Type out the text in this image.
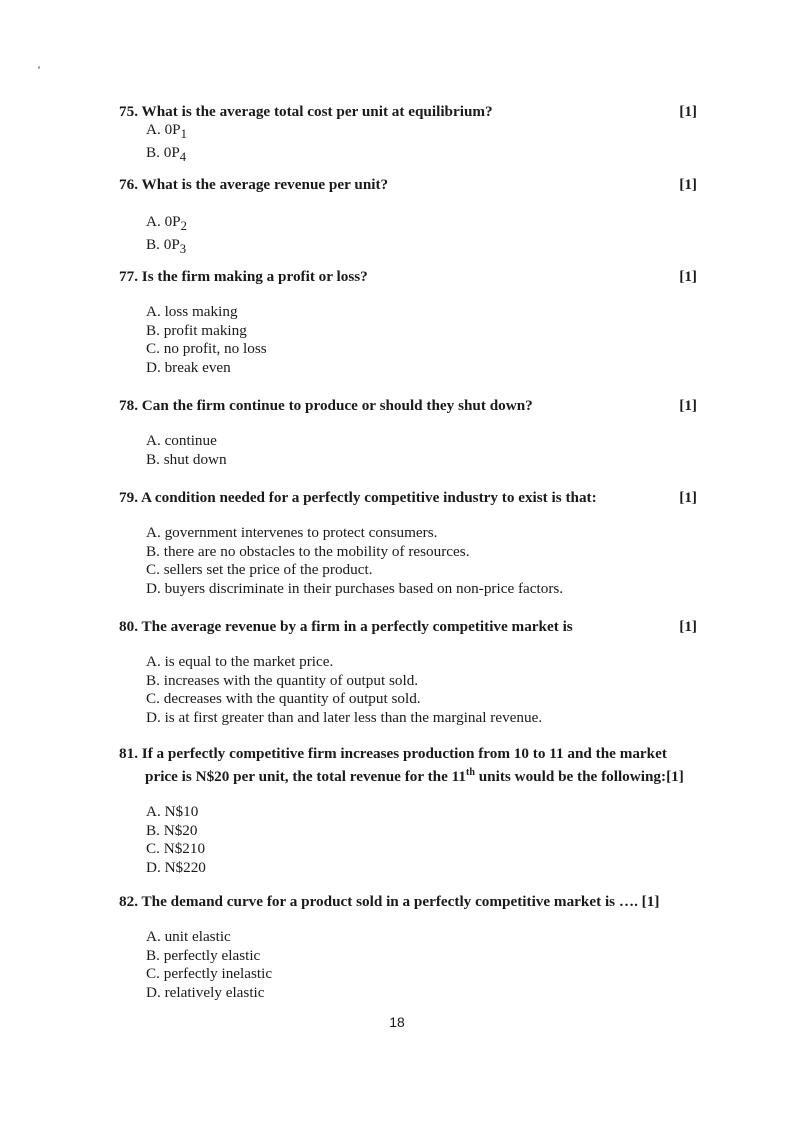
75. What is the average total cost per unit at equilibrium?	[1]
A. $0P_1$
B. $0P_4$
76. What is the average revenue per unit?	[1]
A. $0P_2$
B. $0P_3$
77. Is the firm making a profit or loss?	[1]
A. loss making
B. profit making
C. no profit, no loss
D. break even
78. Can the firm continue to produce or should they shut down?	[1]
A. continue
B. shut down
79. A condition needed for a perfectly competitive industry to exist is that:	[1]
A. government intervenes to protect consumers.
B. there are no obstacles to the mobility of resources.
C. sellers set the price of the product.
D. buyers discriminate in their purchases based on non-price factors.
80. The average revenue by a firm in a perfectly competitive market is	[1]
A. is equal to the market price.
B. increases with the quantity of output sold.
C. decreases with the quantity of output sold.
D. is at first greater than and later less than the marginal revenue.
81. If a perfectly competitive firm increases production from 10 to 11 and the market
price is N$20 per unit, the total revenue for the 11th units would be the following:[1]
A. N$10
B. N$20
C. N$210
D. N$220
82. The demand curve for a product sold in a perfectly competitive market is …. [1]
A. unit elastic
B. perfectly elastic
C. perfectly inelastic
D. relatively elastic
18
